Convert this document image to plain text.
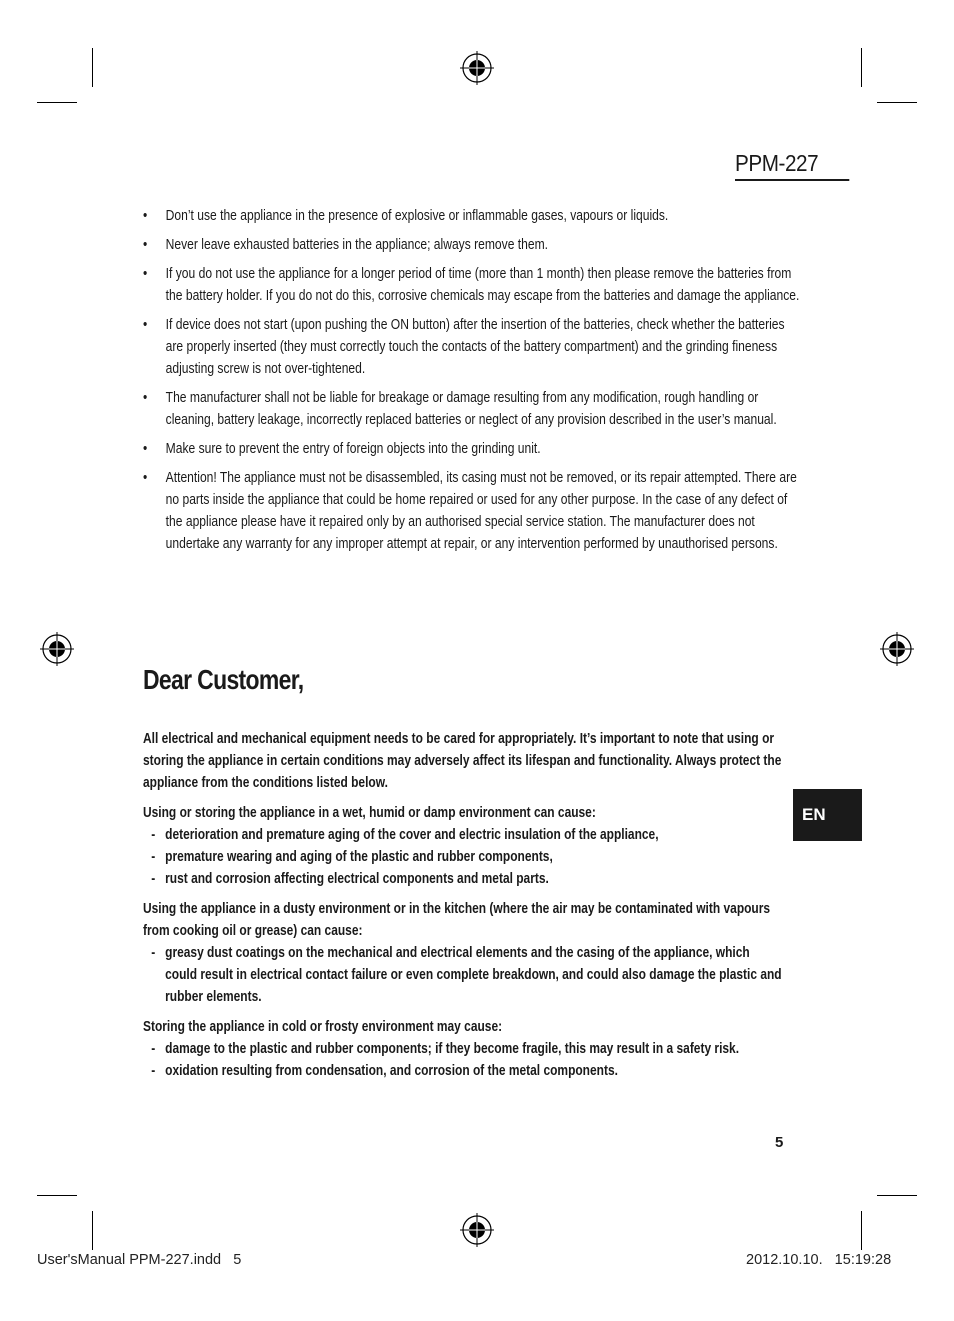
PPM-227
• Don’t use the appliance in the presence of explosive or inflammable gases, vapours or liquids.
• Never leave exhausted batteries in the appliance; always remove them.
• If you do not use the appliance for a longer period of time (more than 1 month) then please remove the batteries from the battery holder. If you do not do this, corrosive chemicals may escape from the batteries and damage the appliance.
• If device does not start (upon pushing the ON button) after the insertion of the batteries, check whether the batteries are properly inserted (they must correctly touch the contacts of the battery compartment) and the grinding fineness adjusting screw is not over-tightened.
• The manufacturer shall not be liable for breakage or damage resulting from any modification, rough handling or cleaning, battery leakage, incorrectly replaced batteries or neglect of any provision described in the user’s manual.
• Make sure to prevent the entry of foreign objects into the grinding unit.
• Attention! The appliance must not be disassembled, its casing must not be removed, or its repair attempted. There are no parts inside the appliance that could be home repaired or used for any other purpose. In the case of any defect of the appliance please have it repaired only by an authorised special service station. The manufacturer does not undertake any warranty for any improper attempt at repair, or any intervention performed by unauthorised persons.
Dear Customer,

All electrical and mechanical equipment needs to be cared for appropriately. It’s important to note that using or storing the appliance in certain conditions may adversely affect its lifespan and functionality. Always protect the appliance from the conditions listed below.

Using or storing the appliance in a wet, humid or damp environment can cause:

- deterioration and premature aging of the cover and electric insulation of the appliance,
- premature wearing and aging of the plastic and rubber components,
- rust and corrosion affecting electrical components and metal parts.

Using the appliance in a dusty environment or in the kitchen (where the air may be contaminated with vapours from cooking oil or grease) can cause:

- greasy dust coatings on the mechanical and electrical elements and the casing of the appliance, which could result in electrical contact failure or even complete breakdown, and could also damage the plastic and rubber elements.

Storing the appliance in cold or frosty environment may cause:

- damage to the plastic and rubber components; if they become fragile, this may result in a safety risk.
- oxidation resulting from condensation, and corrosion of the metal components.
EN
5
User'sManual PPM-227.indd   5	2012.10.10.   15:19:28
